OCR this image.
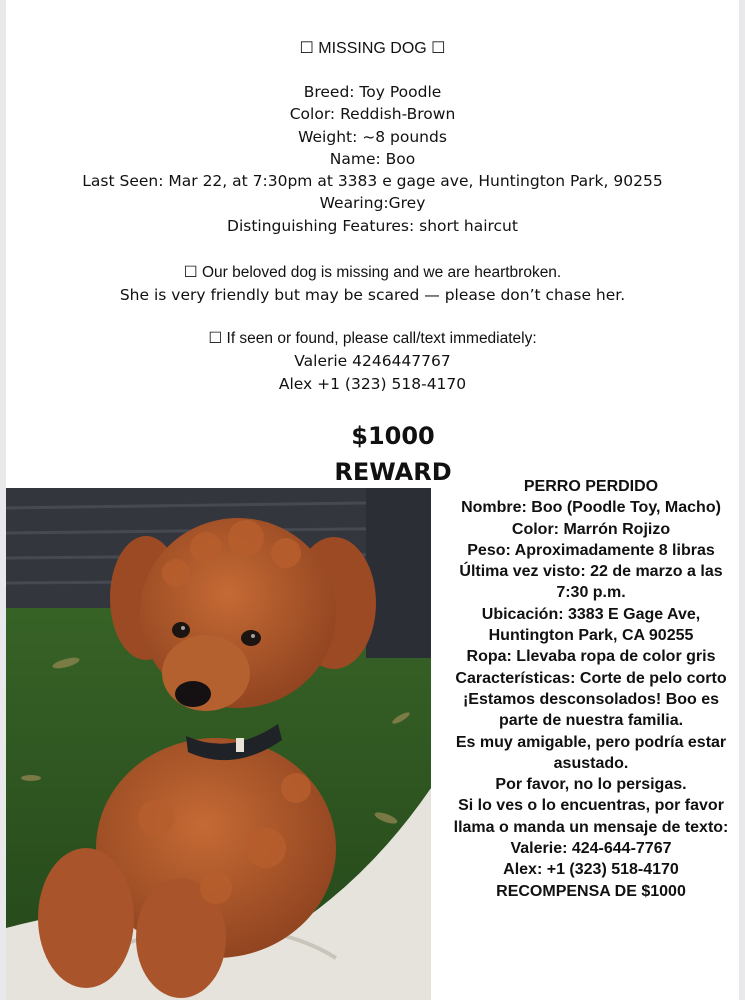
☐ MISSING DOG ☐
Breed: Toy Poodle
Color: Reddish-Brown
Weight: ~8 pounds
Name: Boo
Last Seen: Mar 22, at 7:30pm at 3383 e gage ave, Huntington Park, 90255
Wearing:Grey
Distinguishing Features: short haircut
☐ Our beloved dog is missing and we are heartbroken.
She is very friendly but may be scared — please don’t chase her.
☐ If seen or found, please call/text immediately:
Valerie 4246447767
Alex +1 (323) 518-4170
$1000
REWARD
PERRO PERDIDO
Nombre: Boo (Poodle Toy, Macho)
Color: Marrón Rojizo
Peso: Aproximadamente 8 libras
Última vez visto: 22 de marzo a las 7:30 p.m.
Ubicación: 3383 E Gage Ave, Huntington Park, CA 90255
Ropa: Llevaba ropa de color gris
Características: Corte de pelo corto
¡Estamos desconsolados! Boo es parte de nuestra familia.
Es muy amigable, pero podría estar asustado.
Por favor, no lo persigas.
Si lo ves o lo encuentras, por favor llama o manda un mensaje de texto:
Valerie: 424-644-7767
Alex: +1 (323) 518-4170
RECOMPENSA DE $1000
